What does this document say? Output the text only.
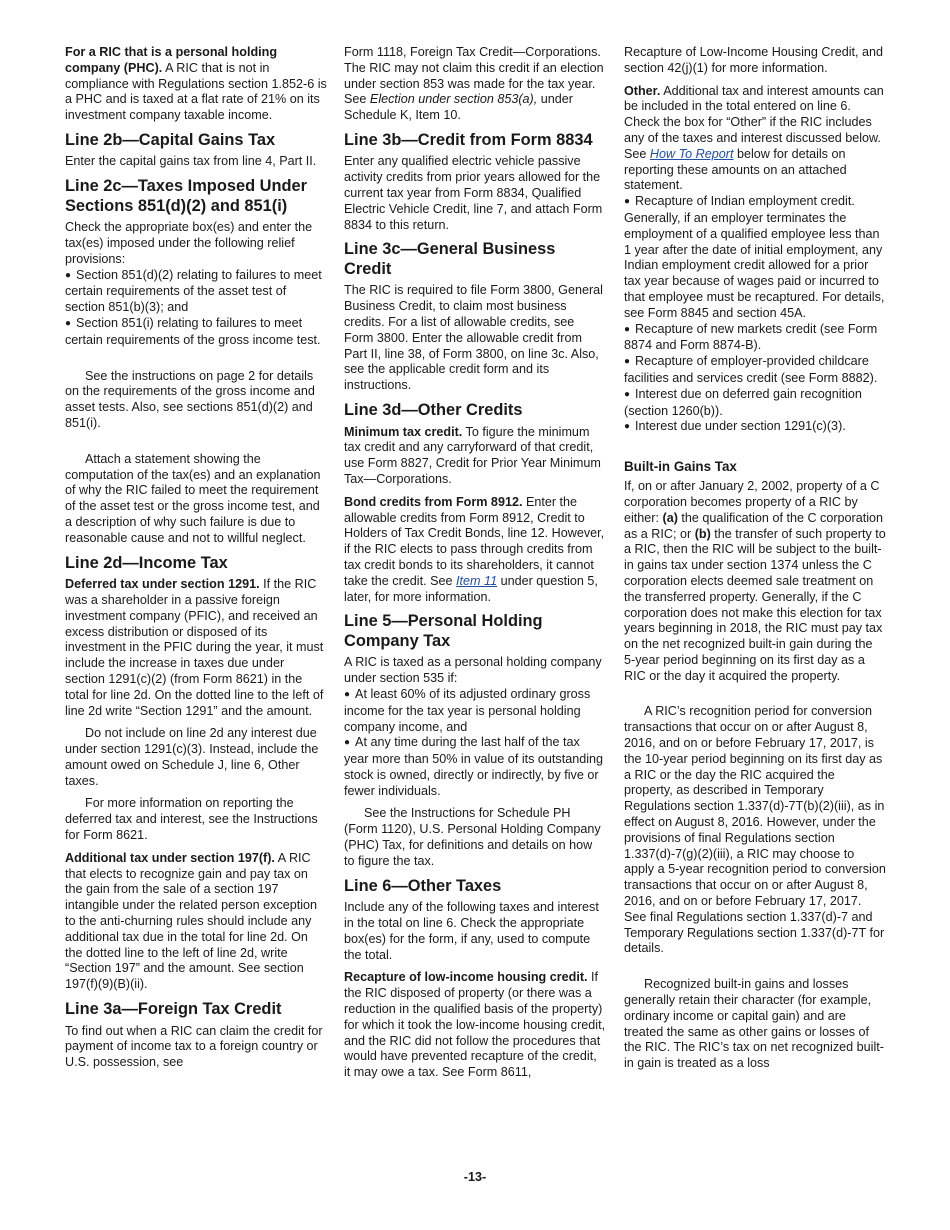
For a RIC that is a personal holding company (PHC). A RIC that is not in compliance with Regulations section 1.852-6 is a PHC and is taxed at a flat rate of 21% on its investment company taxable income.

Line 2b—Capital Gains Tax

Enter the capital gains tax from line 4, Part II.

Line 2c—Taxes Imposed Under Sections 851(d)(2) and 851(i)

Check the appropriate box(es) and enter the tax(es) imposed under the following relief provisions:

● Section 851(d)(2) relating to failures to meet certain requirements of the asset test of section 851(b)(3); and
● Section 851(i) relating to failures to meet certain requirements of the gross income test.

See the instructions on page 2 for details on the requirements of the gross income and asset tests. Also, see sections 851(d)(2) and 851(i).

Attach a statement showing the computation of the tax(es) and an explanation of why the RIC failed to meet the requirement of the asset test or the gross income test, and a description of why such failure is due to reasonable cause and not to willful neglect.

Line 2d—Income Tax

Deferred tax under section 1291. If the RIC was a shareholder in a passive foreign investment company (PFIC), and received an excess distribution or disposed of its investment in the PFIC during the year, it must include the increase in taxes due under section 1291(c)(2) (from Form 8621) in the total for line 2d. On the dotted line to the left of line 2d write “Section 1291” and the amount.

Do not include on line 2d any interest due under section 1291(c)(3). Instead, include the amount owed on Schedule J, line 6, Other taxes.

For more information on reporting the deferred tax and interest, see the Instructions for Form 8621.

Additional tax under section 197(f). A RIC that elects to recognize gain and pay tax on the gain from the sale of a section 197 intangible under the related person exception to the anti-churning rules should include any additional tax due in the total for line 2d. On the dotted line to the left of line 2d, write “Section 197” and the amount. See section 197(f)(9)(B)(ii).

Line 3a—Foreign Tax Credit

To find out when a RIC can claim the credit for payment of income tax to a foreign country or U.S. possession, see

Form 1118, Foreign Tax Credit—Corporations. The RIC may not claim this credit if an election under section 853 was made for the tax year. See Election under section 853(a), under Schedule K, Item 10.

Line 3b—Credit from Form 8834

Enter any qualified electric vehicle passive activity credits from prior years allowed for the current tax year from Form 8834, Qualified Electric Vehicle Credit, line 7, and attach Form 8834 to this return.

Line 3c—General Business Credit

The RIC is required to file Form 3800, General Business Credit, to claim most business credits. For a list of allowable credits, see Form 3800. Enter the allowable credit from Part II, line 38, of Form 3800, on line 3c. Also, see the applicable credit form and its instructions.

Line 3d—Other Credits

Minimum tax credit. To figure the minimum tax credit and any carryforward of that credit, use Form 8827, Credit for Prior Year Minimum Tax—Corporations.

Bond credits from Form 8912. Enter the allowable credits from Form 8912, Credit to Holders of Tax Credit Bonds, line 12. However, if the RIC elects to pass through credits from tax credit bonds to its shareholders, it cannot take the credit. See Item 11 under question 5, later, for more information.

Line 5—Personal Holding Company Tax

A RIC is taxed as a personal holding company under section 535 if:

● At least 60% of its adjusted ordinary gross income for the tax year is personal holding company income, and
● At any time during the last half of the tax year more than 50% in value of its outstanding stock is owned, directly or indirectly, by five or fewer individuals.

See the Instructions for Schedule PH (Form 1120), U.S. Personal Holding Company (PHC) Tax, for definitions and details on how to figure the tax.

Line 6—Other Taxes

Include any of the following taxes and interest in the total on line 6. Check the appropriate box(es) for the form, if any, used to compute the total.

Recapture of low-income housing credit. If the RIC disposed of property (or there was a reduction in the qualified basis of the property) for which it took the low-income housing credit, and the RIC did not follow the procedures that would have prevented recapture of the credit, it may owe a tax. See Form 8611,

Recapture of Low-Income Housing Credit, and section 42(j)(1) for more information.

Other. Additional tax and interest amounts can be included in the total entered on line 6. Check the box for “Other” if the RIC includes any of the taxes and interest discussed below. See How To Report below for details on reporting these amounts on an attached statement.

● Recapture of Indian employment credit. Generally, if an employer terminates the employment of a qualified employee less than 1 year after the date of initial employment, any Indian employment credit allowed for a prior tax year because of wages paid or incurred to that employee must be recaptured. For details, see Form 8845 and section 45A.
● Recapture of new markets credit (see Form 8874 and Form 8874-B).
● Recapture of employer-provided childcare facilities and services credit (see Form 8882).
● Interest due on deferred gain recognition (section 1260(b)).
● Interest due under section 1291(c)(3).
Built-in Gains Tax

If, on or after January 2, 2002, property of a C corporation becomes property of a RIC by either: (a) the qualification of the C corporation as a RIC; or (b) the transfer of such property to a RIC, then the RIC will be subject to the built-in gains tax under section 1374 unless the C corporation elects deemed sale treatment on the transferred property. Generally, if the C corporation does not make this election for tax years beginning in 2018, the RIC must pay tax on the net recognized built-in gain during the 5-year period beginning on its first day as a RIC or the day it acquired the property.

A RIC’s recognition period for conversion transactions that occur on or after August 8, 2016, and on or before February 17, 2017, is the 10-year period beginning on its first day as a RIC or the day the RIC acquired the property, as described in Temporary Regulations section 1.337(d)-7T(b)(2)(iii), as in effect on August 8, 2016. However, under the provisions of final Regulations section 1.337(d)-7(g)(2)(iii), a RIC may choose to apply a 5-year recognition period to conversion transactions that occur on or after August 8, 2016, and on or before February 17, 2017. See final Regulations section 1.337(d)-7 and Temporary Regulations section 1.337(d)-7T for details.

Recognized built-in gains and losses generally retain their character (for example, ordinary income or capital gain) and are treated the same as other gains or losses of the RIC. The RIC’s tax on net recognized built-in gain is treated as a loss

-13-
